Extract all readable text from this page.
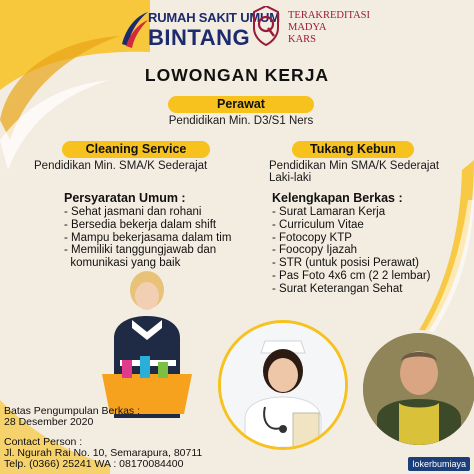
RUMAH SAKIT UMUM
BINTANG
TERAKREDITASI
MADYA
KARS
LOWONGAN KERJA
Perawat
Pendidikan Min. D3/S1 Ners
Cleaning Service
Pendidikan Min. SMA/K Sederajat
Tukang Kebun
Pendidikan Min SMA/K Sederajat
Laki-laki
Persyaratan Umum :
- Sehat jasmani dan rohani
- Bersedia bekerja dalam shift
- Mampu bekerjasama dalam tim
- Memiliki tanggungjawab dan
komunikasi yang baik
Kelengkapan Berkas :
- Surat Lamaran Kerja
- Curriculum Vitae
- Fotocopy KTP
- Foocopy Ijazah
- STR (untuk posisi Perawat)
- Pas Foto 4x6 cm (2 2 lembar)
- Surat Keterangan Sehat
Batas Pengumpulan Berkas :
28 Desember 2020
Contact Person :
Jl. Ngurah Rai No. 10, Semarapura, 80711
Telp. (0366) 25241 WA : 08170084400	lokerbumiaya
